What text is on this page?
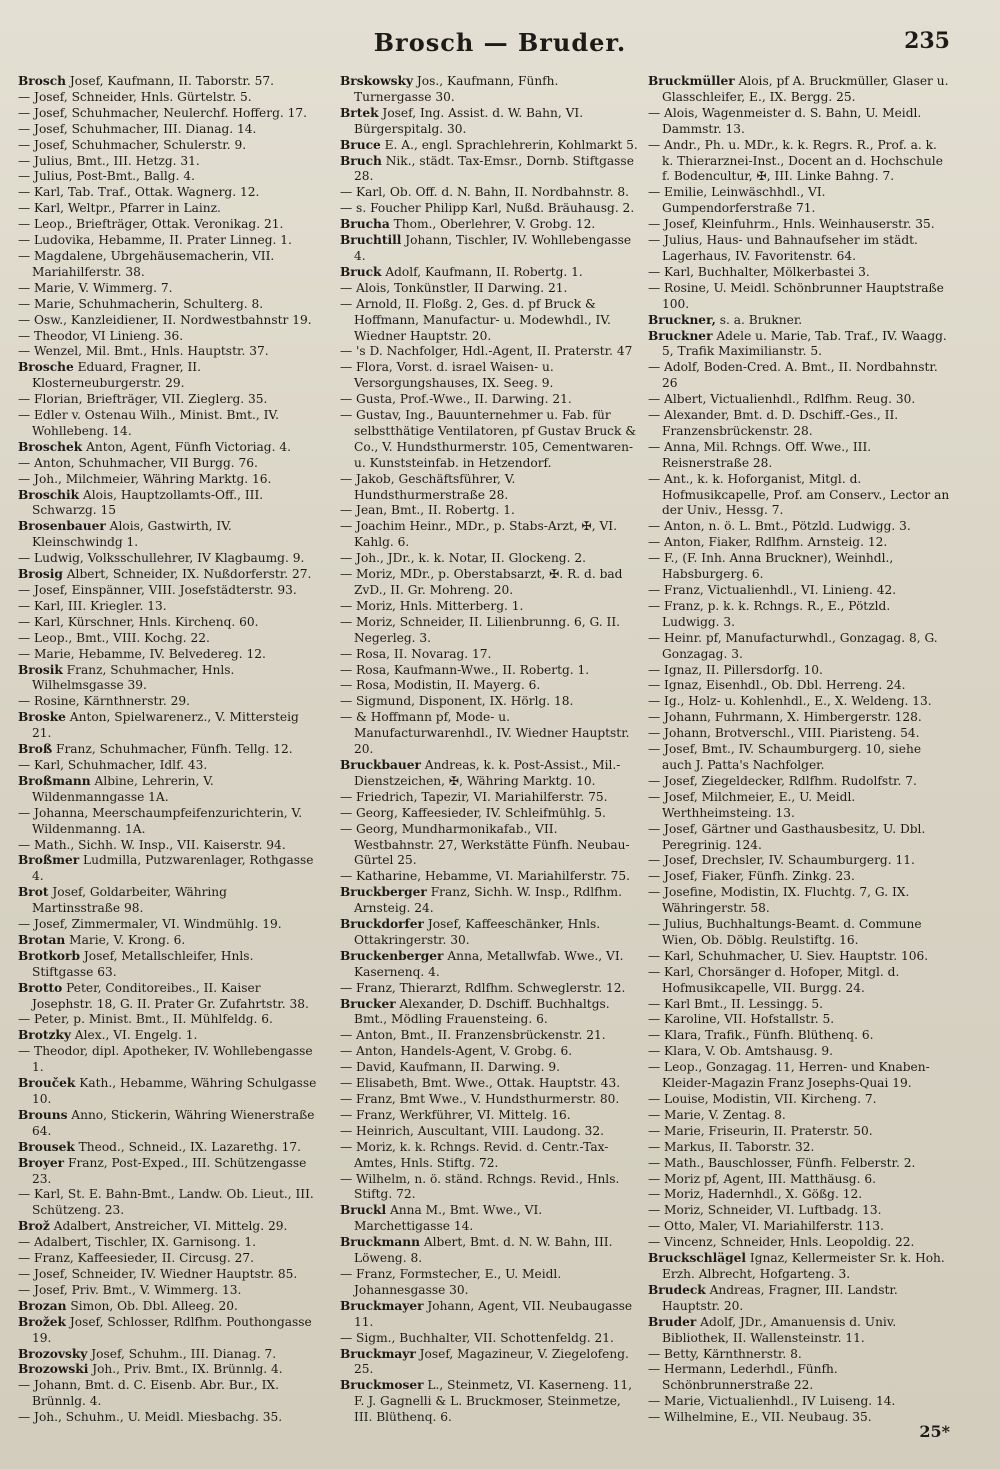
Brosch — Bruder.	235

Brosch Josef, Kaufmann, II. Taborstr. 57.

— Josef, Schneider, Hnls. Gürtelstr. 5.

— Josef, Schuhmacher, Neulerchf. Hofferg. 17.

— Josef, Schuhmacher, III. Dianag. 14.

— Josef, Schuhmacher, Schulerstr. 9.

— Julius, Bmt., III. Hetzg. 31.

— Julius, Post-Bmt., Ballg. 4.

— Karl, Tab. Traf., Ottak. Wagnerg. 12.

— Karl, Weltpr., Pfarrer in Lainz.

— Leop., Briefträger, Ottak. Veronikag. 21.

— Ludovika, Hebamme, II. Prater Linneg. 1.

— Magdalene, Ubrgehäusemacherin, VII. Mariahilferstr. 38.

— Marie, V. Wimmerg. 7.

— Marie, Schuhmacherin, Schulterg. 8.

— Osw., Kanzleidiener, II. Nordwestbahnstr 19.

— Theodor, VI Linieng. 36.

— Wenzel, Mil. Bmt., Hnls. Hauptstr. 37.

Brosche Eduard, Fragner, II. Klosterneuburgerstr. 29.

— Florian, Briefträger, VII. Zieglerg. 35.

— Edler v. Ostenau Wilh., Minist. Bmt., IV. Wohllebeng. 14.

Broschek Anton, Agent, Fünfh Victoriag. 4.

— Anton, Schuhmacher, VII Burgg. 76.

— Joh., Milchmeier, Währing Marktg. 16.

Broschik Alois, Hauptzollamts-Off., III. Schwarzg. 15

Brosenbauer Alois, Gastwirth, IV. Kleinschwindg 1.

— Ludwig, Volksschullehrer, IV Klagbaumg. 9.

Brosig Albert, Schneider, IX. Nußdorferstr. 27.

— Josef, Einspänner, VIII. Josefstädterstr. 93.

— Karl, III. Kriegler. 13.

— Karl, Kürschner, Hnls. Kirchenq. 60.

— Leop., Bmt., VIII. Kochg. 22.

— Marie, Hebamme, IV. Belvederеg. 12.

Brosik Franz, Schuhmacher, Hnls. Wilhelmsgasse 39.

— Rosine, Kärnthnerstr. 29.

Broske Anton, Spielwarenerz., V. Mittersteig 21.

Broß Franz, Schuhmacher, Fünfh. Tellg. 12.

— Karl, Schuhmacher, Idlf. 43.

Broßmann Albine, Lehrerin, V. Wildenmanngasse 1A.

— Johanna, Meerschaumpfeifenzurichterin, V. Wildenmanng. 1A.

— Math., Sichh. W. Insp., VII. Kaiserstr. 94.

Broßmer Ludmilla, Putzwarenlager, Rothgasse 4.

Brot Josef, Goldarbeiter, Währing Martinsstraße 98.

— Josef, Zimmermaler, VI. Windmühlg. 19.

Brotan Marie, V. Krong. 6.

Brotkorb Josef, Metallschleifer, Hnls. Stiftgasse 63.

Brotto Peter, Conditoreibes., II. Kaiser Josephstr. 18, G. II. Prater Gr. Zufahrtstr. 38.

— Peter, p. Minist. Bmt., II. Mühlfeldg. 6.

Brotzky Alex., VI. Engelg. 1.

— Theodor, dipl. Apotheker, IV. Wohllebengasse 1.

Brouček Kath., Hebamme, Währing Schulgasse 10.

Brouns Anno, Stickerin, Währing Wienerstraße 64.

Brousek Theod., Schneid., IX. Lazarethg. 17.

Broyer Franz, Post-Exped., III. Schützengasse 23.

— Karl, St. E. Bahn-Bmt., Landw. Ob. Lieut., III. Schützeng. 23.

Brož Adalbert, Anstreicher, VI. Mittelg. 29.

— Adalbert, Tischler, IX. Garnisong. 1.

— Franz, Kaffeesieder, II. Circusg. 27.

— Josef, Schneider, IV. Wiedner Hauptstr. 85.

— Josef, Priv. Bmt., V. Wimmerg. 13.

Brozan Simon, Ob. Dbl. Alleeg. 20.

Brožek Josef, Schlosser, Rdlfhm. Pouthongasse 19.

Brozovsky Josef, Schuhm., III. Dianag. 7.

Brozowski Joh., Priv. Bmt., IX. Brünnlg. 4.

— Johann, Bmt. d. C. Eisenb. Abr. Bur., IX. Brünnlg. 4.

— Joh., Schuhm., U. Meidl. Miesbachg. 35.

Brskowsky Jos., Kaufmann, Fünfh. Turnergasse 30.

Brtek Josef, Ing. Assist. d. W. Bahn, VI. Bürgerspitalg. 30.

Bruce E. A., engl. Sprachlehrerin, Kohlmarkt 5.

Bruch Nik., städt. Tax-Emsr., Dornb. Stiftgasse 28.

— Karl, Ob. Off. d. N. Bahn, II. Nordbahnstr. 8.

— s. Foucher Philipp Karl, Nußd. Bräuhausg. 2.

Brucha Thom., Oberlehrer, V. Grobg. 12.

Bruchtill Johann, Tischler, IV. Wohllebengasse 4.

Bruck Adolf, Kaufmann, II. Robertg. 1.

— Alois, Tonkünstler, II Darwing. 21.

— Arnold, II. Floßg. 2, Ges. d. pf Bruck & Hoffmann, Manufactur- u. Modewhdl., IV. Wiedner Hauptstr. 20.

— 's D. Nachfolger, Hdl.-Agent, II. Praterstr. 47

— Flora, Vorst. d. israel Waisen- u. Versorgungshauses, IX. Seeg. 9.

— Gusta, Prof.-Wwe., II. Darwing. 21.

— Gustav, Ing., Bauunternehmer u. Fab. für selbstthätige Ventilatoren, pf Gustav Bruck & Co., V. Hundsthurmerstr. 105, Cementwaren- u. Kunststeinfab. in Hetzendorf.

— Jakob, Geschäftsführer, V. Hundsthurmerstraße 28.

— Jean, Bmt., II. Robertg. 1.

— Joachim Heinr., MDr., p. Stabs-Arzt, ✠, VI. Kahlg. 6.

— Joh., JDr., k. k. Notar, II. Glockeng. 2.

— Moriz, MDr., p. Oberstabsarzt, ✠. R. d. bad ZvD., II. Gr. Mohreng. 20.

— Moriz, Hnls. Mitterberg. 1.

— Moriz, Schneider, II. Lilienbrunng. 6, G. II. Negerleg. 3.

— Rosa, II. Novarag. 17.

— Rosa, Kaufmann-Wwe., II. Robertg. 1.

— Rosa, Modistin, II. Mayerg. 6.

— Sigmund, Disponent, IX. Hörlg. 18.

— & Hoffmann pf, Mode- u. Manufacturwarenhdl., IV. Wiedner Hauptstr. 20.

Bruckbauer Andreas, k. k. Post-Assist., Mil.-Dienstzeichen, ✠, Währing Marktg. 10.

— Friedrich, Tapezir, VI. Mariahilferstr. 75.

— Georg, Kaffeesieder, IV. Schleifmühlg. 5.

— Georg, Mundharmonikafab., VII. Westbahnstr. 27, Werkstätte Fünfh. Neubau-Gürtel 25.

— Katharine, Hebamme, VI. Mariahilferstr. 75.

Bruckberger Franz, Sichh. W. Insp., Rdlfhm. Arnsteig. 24.

Bruckdorfer Josef, Kaffeeschänker, Hnls. Ottakringerstr. 30.

Bruckenberger Anna, Metallwfab. Wwe., VI. Kasernenq. 4.

— Franz, Thierarzt, Rdlfhm. Schweglerstr. 12.

Brucker Alexander, D. Dschiff. Buchhaltgs. Bmt., Mödling Frauensteing. 6.

— Anton, Bmt., II. Franzensbrückenstr. 21.

— Anton, Handels-Agent, V. Grobg. 6.

— David, Kaufmann, II. Darwing. 9.

— Elisabeth, Bmt. Wwe., Ottak. Hauptstr. 43.

— Franz, Bmt Wwe., V. Hundsthurmerstr. 80.

— Franz, Werkführer, VI. Mittelg. 16.

— Heinrich, Auscultant, VIII. Laudong. 32.

— Moriz, k. k. Rchngs. Revid. d. Centr.-Tax-Amtes, Hnls. Stiftg. 72.

— Wilhelm, n. ö. ständ. Rchngs. Revid., Hnls. Stiftg. 72.

Bruckl Anna M., Bmt. Wwe., VI. Marchettigasse 14.

Bruckmann Albert, Bmt. d. N. W. Bahn, III. Löweng. 8.

— Franz, Formstecher, E., U. Meidl. Johannesgasse 30.

Bruckmayer Johann, Agent, VII. Neubaugasse 11.

— Sigm., Buchhalter, VII. Schottenfeldg. 21.

Bruckmayr Josef, Magazineur, V. Ziegelofeng. 25.

Bruckmoser L., Steinmetz, VI. Kaserneng. 11, F. J. Gagnelli & L. Bruckmoser, Steinmetze, III. Blüthenq. 6.

Bruckmüller Alois, pf A. Bruckmüller, Glaser u. Glasschleifer, E., IX. Bergg. 25.

— Alois, Wagenmeister d. S. Bahn, U. Meidl. Dammstr. 13.

— Andr., Ph. u. MDr., k. k. Regrs. R., Prof. a. k. k. Thierarznei-Inst., Docent an d. Hochschule f. Bodencultur, ✠, III. Linke Bahng. 7.

— Emilie, Leinwäschhdl., VI. Gumpendorferstraße 71.

— Josef, Kleinfuhrm., Hnls. Weinhauserstr. 35.

— Julius, Haus- und Bahnaufseher im städt. Lagerhaus, IV. Favoritenstr. 64.

— Karl, Buchhalter, Mölkerbastei 3.

— Rosine, U. Meidl. Schönbrunner Hauptstraße 100.

Bruckner, s. a. Brukner.

Bruckner Adele u. Marie, Tab. Traf., IV. Waagg. 5, Trafik Maximilianstr. 5.

— Adolf, Boden-Cred. A. Bmt., II. Nordbahnstr. 26

— Albert, Victualienhdl., Rdlfhm. Reug. 30.

— Alexander, Bmt. d. D. Dschiff.-Ges., II. Franzensbrückenstr. 28.

— Anna, Mil. Rchngs. Off. Wwe., III. Reisnerstraße 28.

— Ant., k. k. Hoforganist, Mitgl. d. Hofmusikcapelle, Prof. am Conserv., Lector an der Univ., Hessg. 7.

— Anton, n. ö. L. Bmt., Pötzld. Ludwigg. 3.

— Anton, Fiaker, Rdlfhm. Arnsteig. 12.

— F., (F. Inh. Anna Bruckner), Weinhdl., Habsburgerg. 6.

— Franz, Victualienhdl., VI. Linieng. 42.

— Franz, p. k. k. Rchngs. R., E., Pötzld. Ludwigg. 3.

— Heinr. pf, Manufacturwhdl., Gonzagag. 8, G. Gonzagag. 3.

— Ignaz, II. Pillersdorfg. 10.

— Ignaz, Eisenhdl., Ob. Dbl. Herreng. 24.

— Ig., Holz- u. Kohlenhdl., E., X. Weldeng. 13.

— Johann, Fuhrmann, X. Himbergerstr. 128.

— Johann, Brotverschl., VIII. Piaristeng. 54.

— Josef, Bmt., IV. Schaumburgerg. 10, siehe auch J. Patta's Nachfolger.

— Josef, Ziegeldecker, Rdlfhm. Rudolfstr. 7.

— Josef, Milchmeier, E., U. Meidl. Werthheimsteing. 13.

— Josef, Gärtner und Gasthausbesitz, U. Dbl. Peregrinig. 124.

— Josef, Drechsler, IV. Schaumburgerg. 11.

— Josef, Fiaker, Fünfh. Zinkg. 23.

— Josefine, Modistin, IX. Fluchtg. 7, G. IX. Währingerstr. 58.

— Julius, Buchhaltungs-Beamt. d. Commune Wien, Ob. Döblg. Reulstiftg. 16.

— Karl, Schuhmacher, U. Siev. Hauptstr. 106.

— Karl, Chorsänger d. Hofoper, Mitgl. d. Hofmusikcapelle, VII. Burgg. 24.

— Karl Bmt., II. Lessingg. 5.

— Karoline, VII. Hofstallstr. 5.

— Klara, Trafik., Fünfh. Blüthenq. 6.

— Klara, V. Ob. Amtshausg. 9.

— Leop., Gonzagag. 11, Herren- und Knaben-Kleider-Magazin Franz Josephs-Quai 19.

— Louise, Modistin, VII. Kircheng. 7.

— Marie, V. Zentag. 8.

— Marie, Friseurin, II. Praterstr. 50.

— Markus, II. Taborstr. 32.

— Math., Bauschlosser, Fünfh. Felberstr. 2.

— Moriz pf, Agent, III. Matthäusg. 6.

— Moriz, Hadernhdl., X. Gößg. 12.

— Moriz, Schneider, VI. Luftbadg. 13.

— Otto, Maler, VI. Mariahilferstr. 113.

— Vincenz, Schneider, Hnls. Leopoldig. 22.

Bruckschlägel Ignaz, Kellermeister Sr. k. Hoh. Erzh. Albrecht, Hofgarteng. 3.

Brudeck Andreas, Fragner, III. Landstr. Hauptstr. 20.

Bruder Adolf, JDr., Amanuensis d. Univ. Bibliothek, II. Wallensteinstr. 11.

— Betty, Kärnthnerstr. 8.

— Hermann, Lederhdl., Fünfh. Schönbrunnerstraße 22.

— Marie, Victualienhdl., IV Luiseng. 14.

— Wilhelmine, E., VII. Neubaug. 35.

25*
